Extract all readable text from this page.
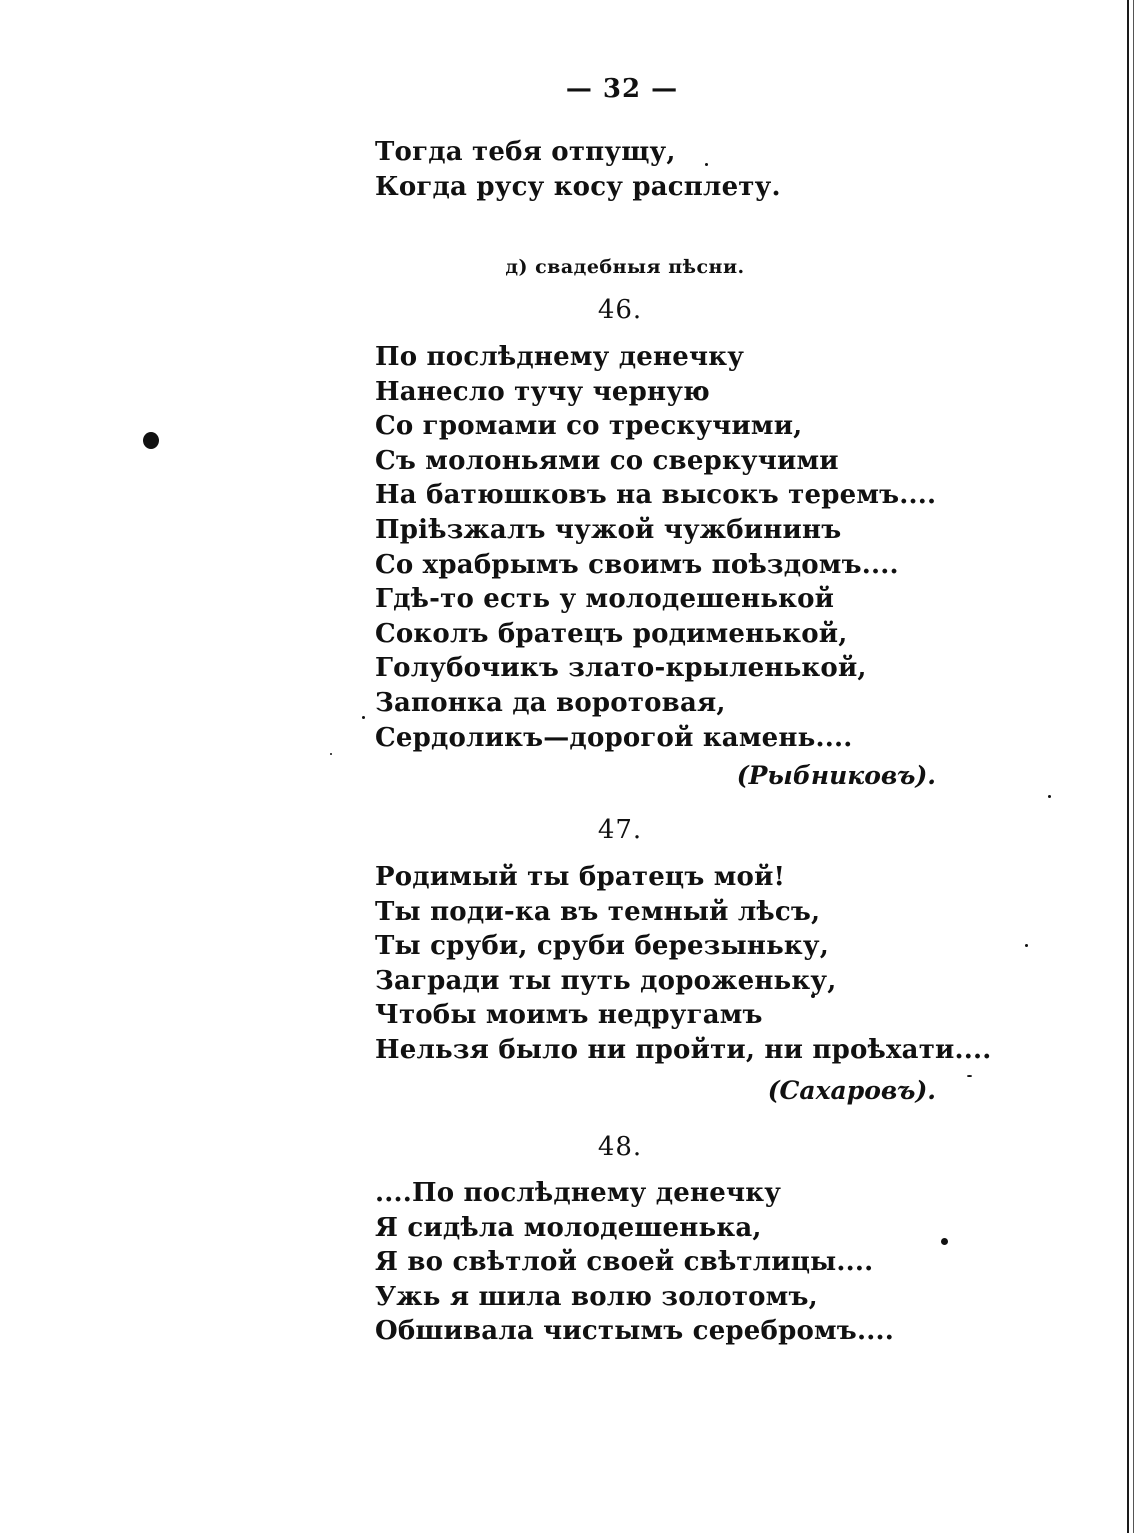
— 32 —
Тогда тебя отпущу,
Когда русу косу расплету.
д) свадебныя пѣсни.
46.
По послѣднему денечку
Нанесло тучу черную
Со громами со трескучими,
Съ молоньями со сверкучими
На батюшковъ на высокъ теремъ....
Пріѣзжалъ чужой чужбининъ
Со храбрымъ своимъ поѣздомъ....
Гдѣ-то есть у молодешенькой
Соколъ братецъ родименькой,
Голубочикъ злато-крыленькой,
Запонка да воротовая,
Сердоликъ—дорогой камень....
(Рыбниковъ).
47.
Родимый ты братецъ мой!
Ты поди-ка въ темный лѣсъ,
Ты сруби, сруби березыньку,
Загради ты путь дороженьку,
Чтобы моимъ недругамъ
Нельзя было ни пройти, ни проѣхати....
(Сахаровъ).
48.
....По послѣднему денечку
Я сидѣла молодешенька,
Я во свѣтлой своей свѣтлицы....
Ужь я шила волю золотомъ,
Обшивала чистымъ серебромъ....
